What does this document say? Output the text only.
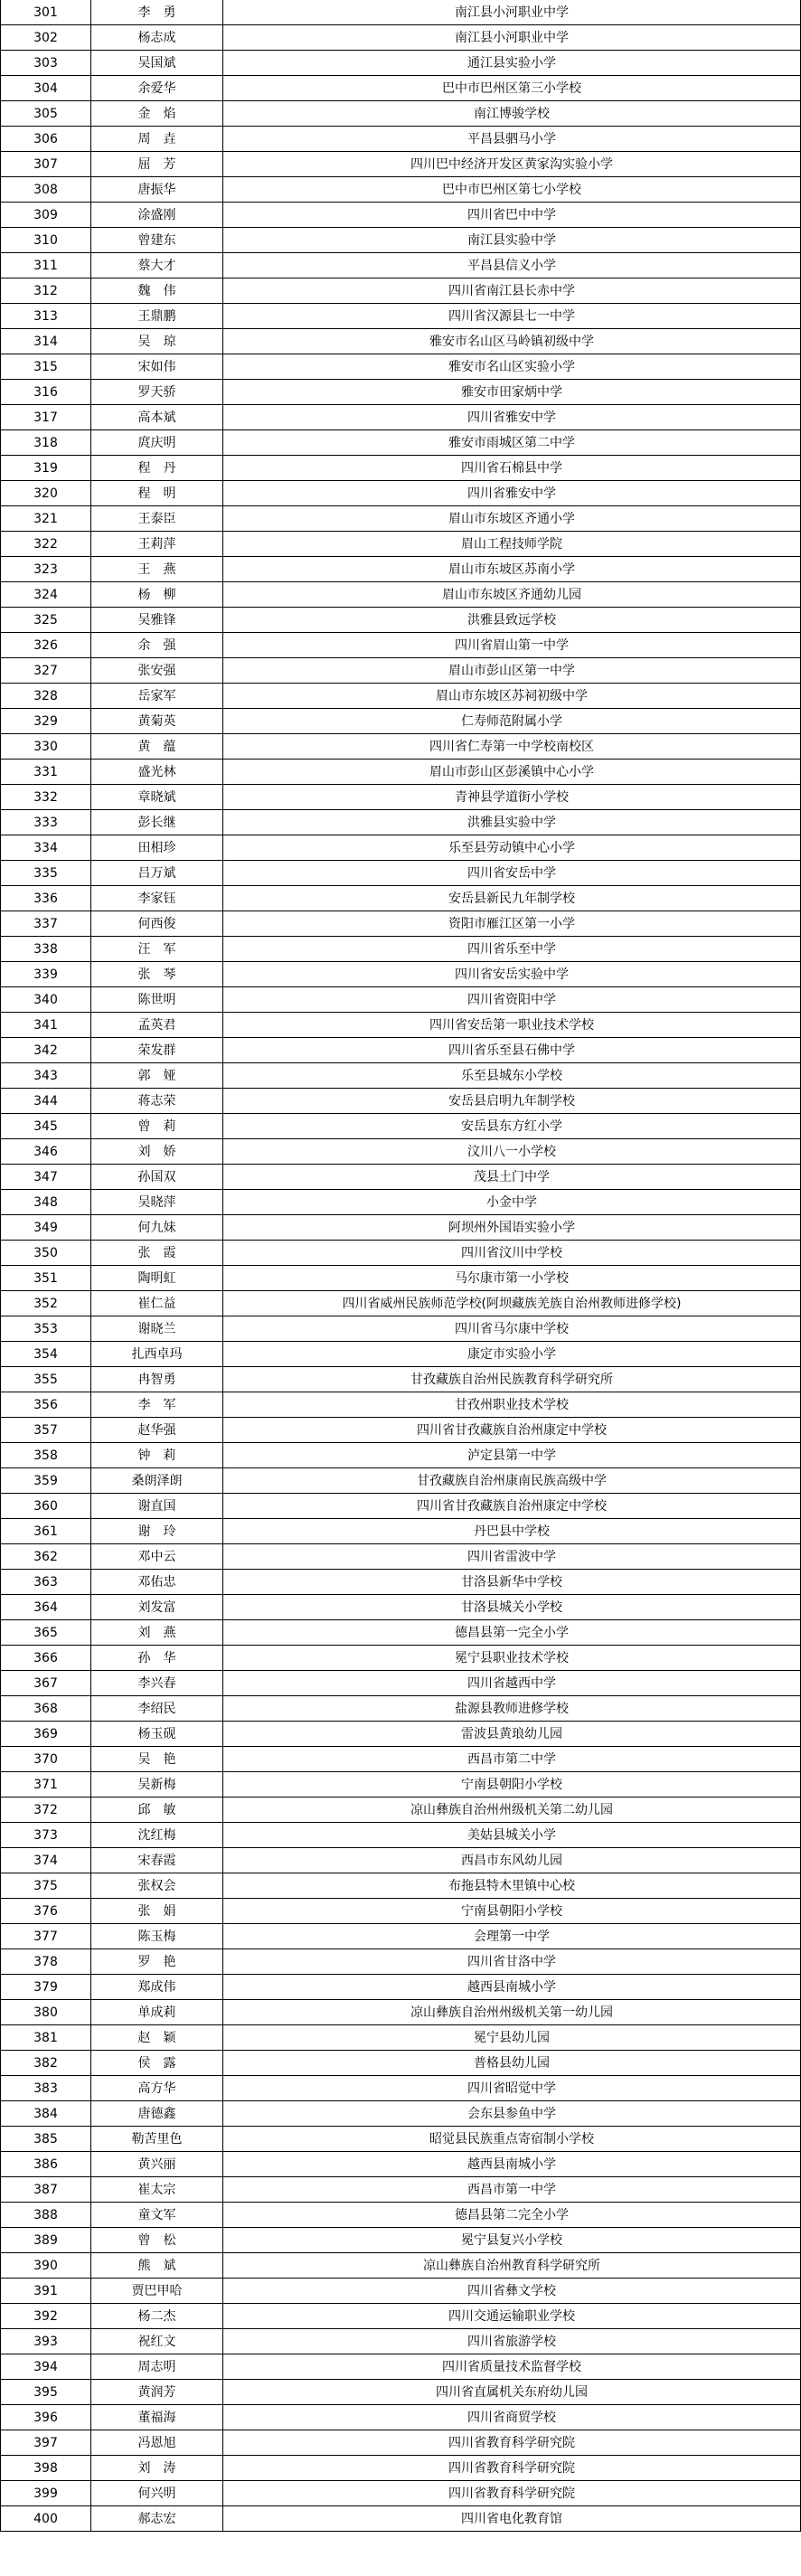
301	李　勇	南江县小河职业中学
302	杨志成	南江县小河职业中学
303	吴国斌	通江县实验小学
304	余爱华	巴中市巴州区第三小学校
305	金　焰	南江博骏学校
306	周　垚	平昌县驷马小学
307	屈　芳	四川巴中经济开发区黄家沟实验小学
308	唐振华	巴中市巴州区第七小学校
309	涂盛刚	四川省巴中中学
310	曾建东	南江县实验中学
311	蔡大才	平昌县信义小学
312	魏　伟	四川省南江县长赤中学
313	王鼎鹏	四川省汉源县七一中学
314	吴　琼	雅安市名山区马岭镇初级中学
315	宋如伟	雅安市名山区实验小学
316	罗天骄	雅安市田家炳中学
317	高本斌	四川省雅安中学
318	庹庆明	雅安市雨城区第二中学
319	程　丹	四川省石棉县中学
320	程　明	四川省雅安中学
321	王泰臣	眉山市东坡区齐通小学
322	王莉萍	眉山工程技师学院
323	王　燕	眉山市东坡区苏南小学
324	杨　柳	眉山市东坡区齐通幼儿园
325	吴雅锋	洪雅县致远学校
326	余　强	四川省眉山第一中学
327	张安强	眉山市彭山区第一中学
328	岳家军	眉山市东坡区苏祠初级中学
329	黄菊英	仁寿师范附属小学
330	黄　蕴	四川省仁寿第一中学校南校区
331	盛光林	眉山市彭山区彭溪镇中心小学
332	章晓斌	青神县学道街小学校
333	彭长继	洪雅县实验中学
334	田相珍	乐至县劳动镇中心小学
335	吕万斌	四川省安岳中学
336	李家钰	安岳县新民九年制学校
337	何西俊	资阳市雁江区第一小学
338	汪　军	四川省乐至中学
339	张　琴	四川省安岳实验中学
340	陈世明	四川省资阳中学
341	孟英君	四川省安岳第一职业技术学校
342	荣发群	四川省乐至县石佛中学
343	郭　娅	乐至县城东小学校
344	蒋志荣	安岳县启明九年制学校
345	曾　莉	安岳县东方红小学
346	刘　娇	汶川八一小学校
347	孙国双	茂县土门中学
348	吴晓萍	小金中学
349	何九妹	阿坝州外国语实验小学
350	张　霞	四川省汶川中学校
351	陶明虹	马尔康市第一小学校
352	崔仁益	四川省威州民族师范学校(阿坝藏族羌族自治州教师进修学校)
353	谢晓兰	四川省马尔康中学校
354	扎西卓玛	康定市实验小学
355	冉智勇	甘孜藏族自治州民族教育科学研究所
356	李　军	甘孜州职业技术学校
357	赵华强	四川省甘孜藏族自治州康定中学校
358	钟　莉	泸定县第一中学
359	桑朗泽朗	甘孜藏族自治州康南民族高级中学
360	谢直国	四川省甘孜藏族自治州康定中学校
361	谢　玲	丹巴县中学校
362	邓中云	四川省雷波中学
363	邓佑忠	甘洛县新华中学校
364	刘发富	甘洛县城关小学校
365	刘　燕	德昌县第一完全小学
366	孙　华	冕宁县职业技术学校
367	李兴春	四川省越西中学
368	李绍民	盐源县教师进修学校
369	杨玉砚	雷波县黄琅幼儿园
370	吴　艳	西昌市第二中学
371	吴新梅	宁南县朝阳小学校
372	邱　敏	凉山彝族自治州州级机关第二幼儿园
373	沈红梅	美姑县城关小学
374	宋春霞	西昌市东风幼儿园
375	张权会	布拖县特木里镇中心校
376	张　娟	宁南县朝阳小学校
377	陈玉梅	会理第一中学
378	罗　艳	四川省甘洛中学
379	郑成伟	越西县南城小学
380	单成莉	凉山彝族自治州州级机关第一幼儿园
381	赵　颖	冕宁县幼儿园
382	侯　露	普格县幼儿园
383	高方华	四川省昭觉中学
384	唐德鑫	会东县参鱼中学
385	勒苦里色	昭觉县民族重点寄宿制小学校
386	黄兴丽	越西县南城小学
387	崔太宗	西昌市第一中学
388	童文军	德昌县第二完全小学
389	曾　松	冕宁县复兴小学校
390	熊　斌	凉山彝族自治州教育科学研究所
391	贾巴甲哈	四川省彝文学校
392	杨二杰	四川交通运输职业学校
393	祝红文	四川省旅游学校
394	周志明	四川省质量技术监督学校
395	黄润芳	四川省直属机关东府幼儿园
396	董福海	四川省商贸学校
397	冯恩旭	四川省教育科学研究院
398	刘　涛	四川省教育科学研究院
399	何兴明	四川省教育科学研究院
400	郝志宏	四川省电化教育馆
